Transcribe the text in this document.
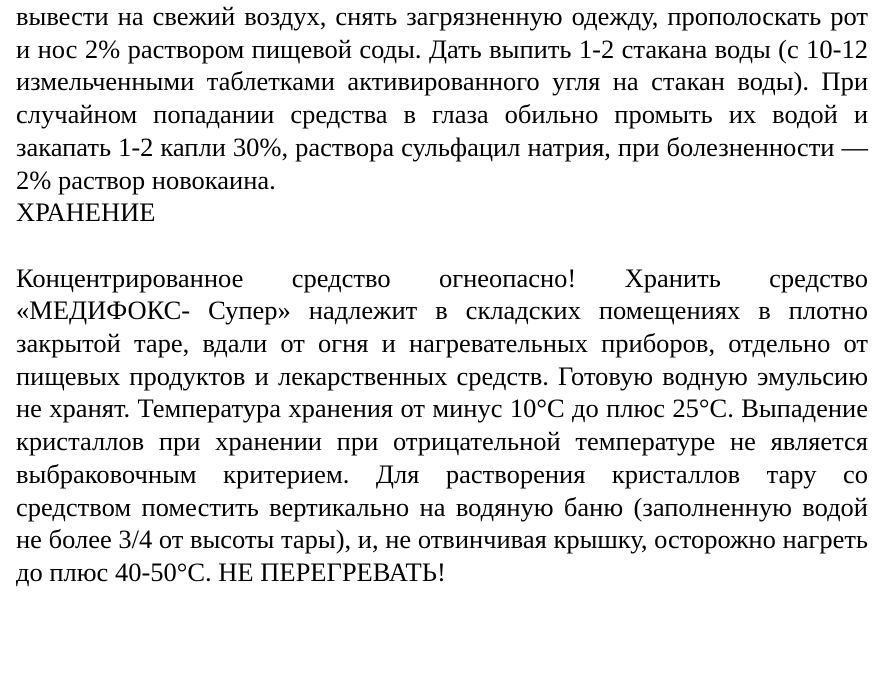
вывести на свежий воздух, снять загрязненную одежду, прополоскать рот и нос 2% раствором пищевой соды. Дать выпить 1-2 стакана воды (с 10-12 измельченными таблетками активированного угля на стакан воды). При случайном попадании средства в глаза обильно промыть их водой и закапать 1-2 капли 30%, раствора сульфацил натрия, при болезненности — 2% раствор новокаина.

ХРАНЕНИЕ

Концентрированное средство огнеопасно! Хранить средство «МЕДИФОКС- Супер» надлежит в складских помещениях в плотно закрытой таре, вдали от огня и нагревательных приборов, отдельно от пищевых продуктов и лекарственных средств. Готовую водную эмульсию не хранят. Температура хранения от минус 10°С до плюс 25°С. Выпадение кристаллов при хранении при отрицательной температуре не является выбраковочным критерием. Для растворения кристаллов тару со средством поместить вертикально на водяную баню (заполненную водой не более 3/4 от высоты тары), и, не отвинчивая крышку, осторожно нагреть до плюс 40-50°С. НЕ ПЕРЕГРЕВАТЬ!
